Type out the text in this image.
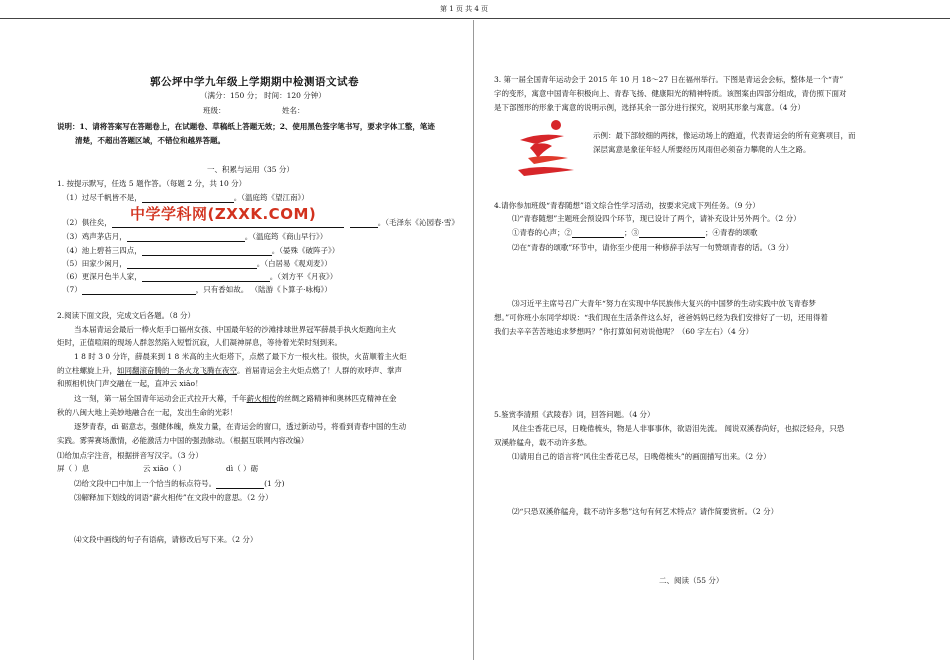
第 1 页 共 4 页
郭公坪中学九年级上学期期中检测语文试卷
（满分：150 分； 时间：120 分钟）
班级：	姓名：
说明：1、请将答案写在答题卷上，在试题卷、草稿纸上答题无效；2、使用黑色签字笔书写，要求字体工整，笔迹
清楚，不超出答题区域，不错位和越界答题。
一、积累与运用（35 分）
1. 按提示默写，任选 5 题作答。（每题 2 分，共 10 分）
（1）过尽千帆皆不是，	。（温庭筠《望江南》）
（2）俱往矣，	。（毛泽东《沁园春·雪》
中学学科网(ZXXK.COM)
（3）鸡声茅店月，	。（温庭筠《商山早行》）
（4）池上碧苔三四点，	。（晏殊《破阵子》）
（5）田家少闲月，	。（白居易《观刈麦》）
（6）更深月色半人家，	。（刘方平《月夜》）
（7）	，只有香如故。 （陆游《卜算子·咏梅》）
2.阅读下面文段，完成文后各题。（8 分）
当本届青运会最后一棒火炬手□福州女孩、中国最年轻的沙滩排球世界冠军薛晨手执火炬跑向主火
炬时，正值喧闹的现场人群忽然陷入短暂沉寂，人们凝神屏息，等待着光荣时刻到来。
1 8 时 3 0 分许，薛晨来到 1 8 米高的主火炬塔下，点燃了最下方一根火柱。很快，火苗顺着主火炬
的立柱螺旋上升，如同翻滚奋腾的一条火龙飞腾在夜空。首届青运会主火炬点燃了！人群的欢呼声、掌声
和照相机快门声交融在一起，直冲云 xiāo！
这一刻，第一届全国青年运动会正式拉开大幕，千年薪火相传的丝绸之路精神和奥林匹克精神在金
秋的八闽大地上美妙地融合在一起，发出生命的光彩！
逐梦青春，dì 砺意志，强健体魄，焕发力量，在青运会的窗口，透过新动号，将看到青春中国的生动
实践。雾霁赛场激情，必能激活力中国的强劲脉动。（根据互联网内容改编）
⑴给加点字注音，根据拼音写汉字。（3 分）
屏（ ）息	云 xiāo（ ）	dì（ ）砺
⑵给文段中□中加上一个恰当的标点符号。	(1 分)
⑶解释加下划线的词语“薪火相传”在文段中的意思。（2 分）
⑷文段中画线的句子有语病，请修改后写下来。（2 分）
3. 第一届全国青年运动会于 2015 年 10 月 18～27 日在福州举行。下图是青运会会标，整体是一个“青”
字的变形，寓意中国青年积极向上、青春飞扬、健康阳光的精神特质。该图案由四部分组成，青仿照下面对
是下部图形的形象于寓意的说明示例，选择其余一部分进行探究，说明其形象与寓意。（4 分）
示例：最下部较细的两抹，像运动场上的跑道，代表青运会的所有竞赛项目，而
深层寓意是象征年轻人所要经历风雨但必须奋力攀爬的人生之路。
4.请你参加班级“青春随想”语文综合性学习活动，按要求完成下列任务。（9 分）
⑴“青春随想”主题班会预设四个环节，现已设计了两个，请补充设计另外两个。（2 分）
①青春的心声；②	；③	；④青春的颂歌
⑵在“青春的颂歌”环节中，请你至少使用一种修辞手法写一句赞颂青春的话。（3 分）
⑶习近平主席号召广大青年“努力在实现中华民族伟大复兴的中国梦的生动实践中放飞青春梦
想。”可你班小东同学却说：“我们现在生活条件这么好，爸爸妈妈已经为我们安排好了一切，还用得着
我们去辛辛苦苦地追求梦想吗？”你打算如何劝说他呢？（60 字左右）（4 分）
5.鉴赏李清照《武陵春》词，回答问题。（4 分）
风住尘香花已尽，日晚倦梳头，物是人非事事休，欲语泪先流。 闻说双溪春尚好，也拟泛轻舟，只恐
双溪舴艋舟，载不动许多愁。
⑴请用自己的语言将“风住尘香花已尽，日晚倦梳头”的画面描写出来。（2 分）
⑵“只恐双溪舴艋舟，载不动许多愁”这句有何艺术特点？请作简要赏析。（2 分）
二、阅读（55 分）
